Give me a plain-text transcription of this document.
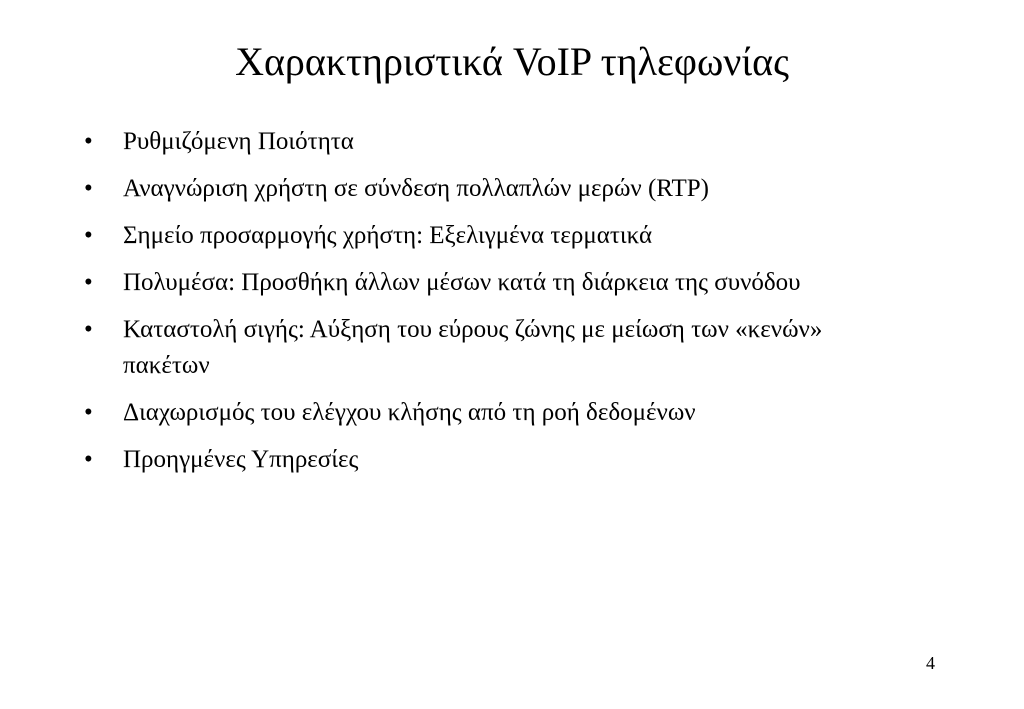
Χαρακτηριστικά VoIP τηλεφωνίας
•	Ρυθμιζόμενη Ποιότητα
•	Αναγνώριση χρήστη σε σύνδεση πολλαπλών μερών (RTP)
•	Σημείο προσαρμογής χρήστη: Εξελιγμένα τερματικά
•	Πολυμέσα: Προσθήκη άλλων μέσων κατά τη διάρκεια της συνόδου
•	Καταστολή σιγής: Αύξηση του εύρους ζώνης με μείωση των «κενών» πακέτων
•	Διαχωρισμός του ελέγχου κλήσης από τη ροή δεδομένων
•	Προηγμένες Υπηρεσίες
4
